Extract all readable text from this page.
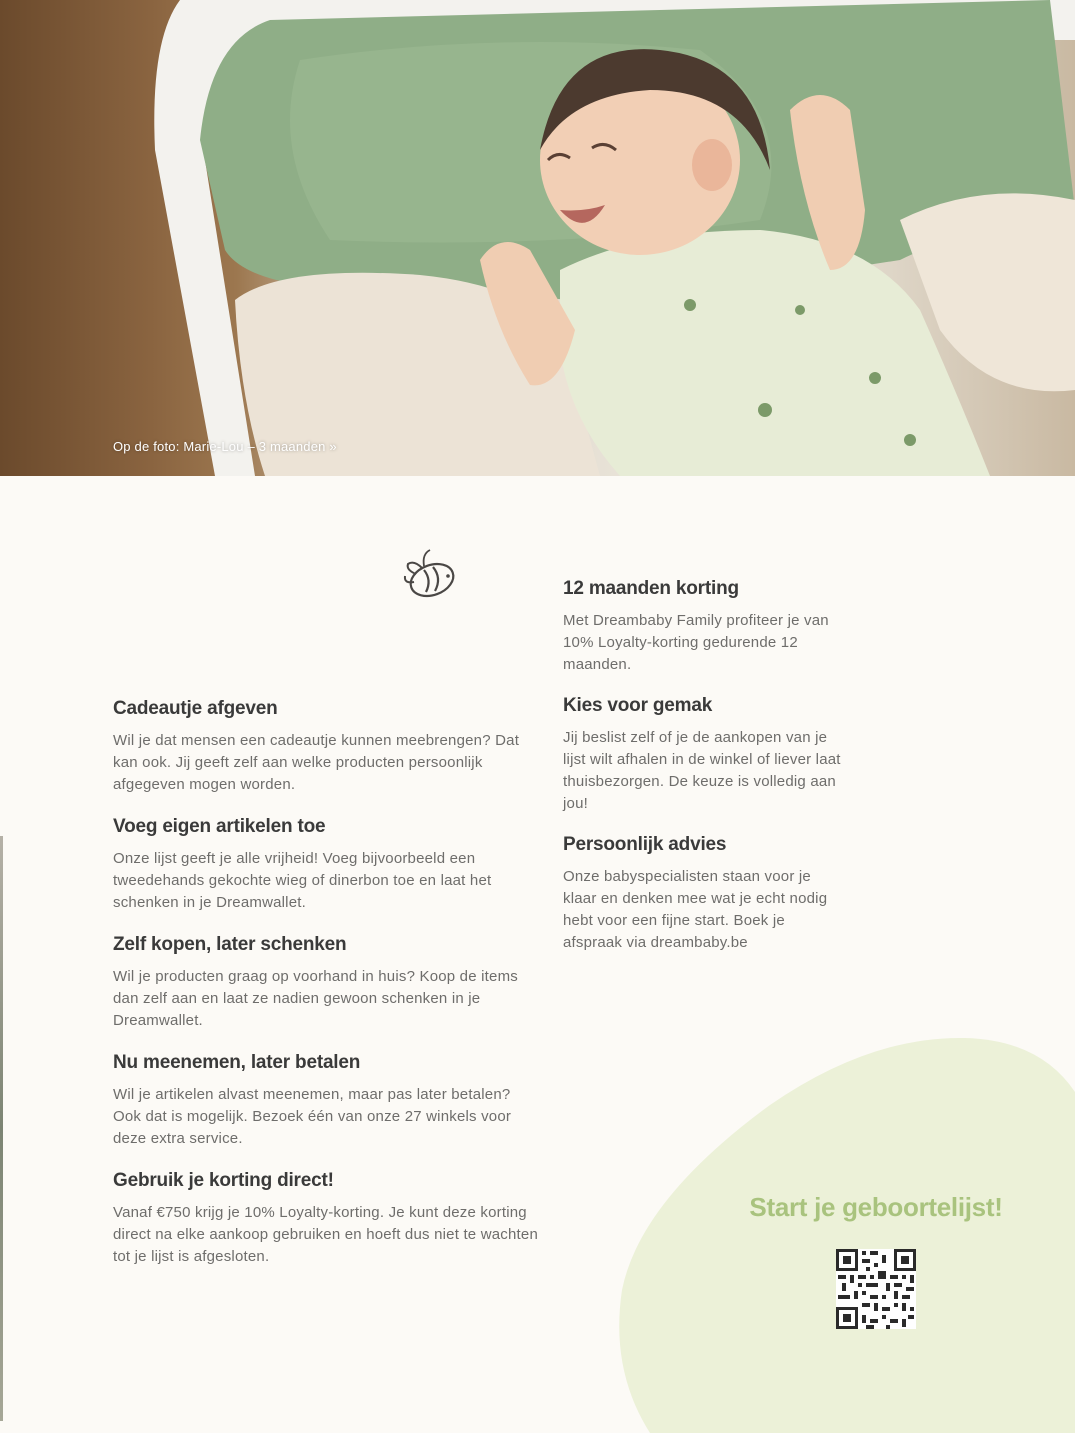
Op de foto: Marie-Lou – 3 maanden »
Cadeautje afgeven

Wil je dat mensen een cadeautje kunnen meebrengen? Dat kan ook. Jij geeft zelf aan welke producten persoonlijk afgegeven mogen worden.

Voeg eigen artikelen toe

Onze lijst geeft je alle vrijheid! Voeg bijvoorbeeld een tweedehands gekochte wieg of dinerbon toe en laat het schenken in je Dreamwallet.

Zelf kopen, later schenken

Wil je producten graag op voorhand in huis? Koop de items dan zelf aan en laat ze nadien gewoon schenken in je Dreamwallet.

Nu meenemen, later betalen

Wil je artikelen alvast meenemen, maar pas later betalen? Ook dat is mogelijk. Bezoek één van onze 27 winkels voor deze extra service.

Gebruik je korting direct!

Vanaf €750 krijg je 10% Loyalty-korting. Je kunt deze korting direct na elke aankoop gebruiken en hoeft dus niet te wachten tot je lijst is afgesloten.

12 maanden korting

Met Dreambaby Family profiteer je van 10% Loyalty-korting gedurende 12 maanden.

Kies voor gemak

Jij beslist zelf of je de aankopen van je lijst wilt afhalen in de winkel of liever laat thuisbezorgen. De keuze is volledig aan jou!

Persoonlijk advies

Onze babyspecialisten staan voor je klaar en denken mee wat je echt nodig hebt voor een fijne start. Boek je afspraak via dreambaby.be

Start je geboortelijst!
